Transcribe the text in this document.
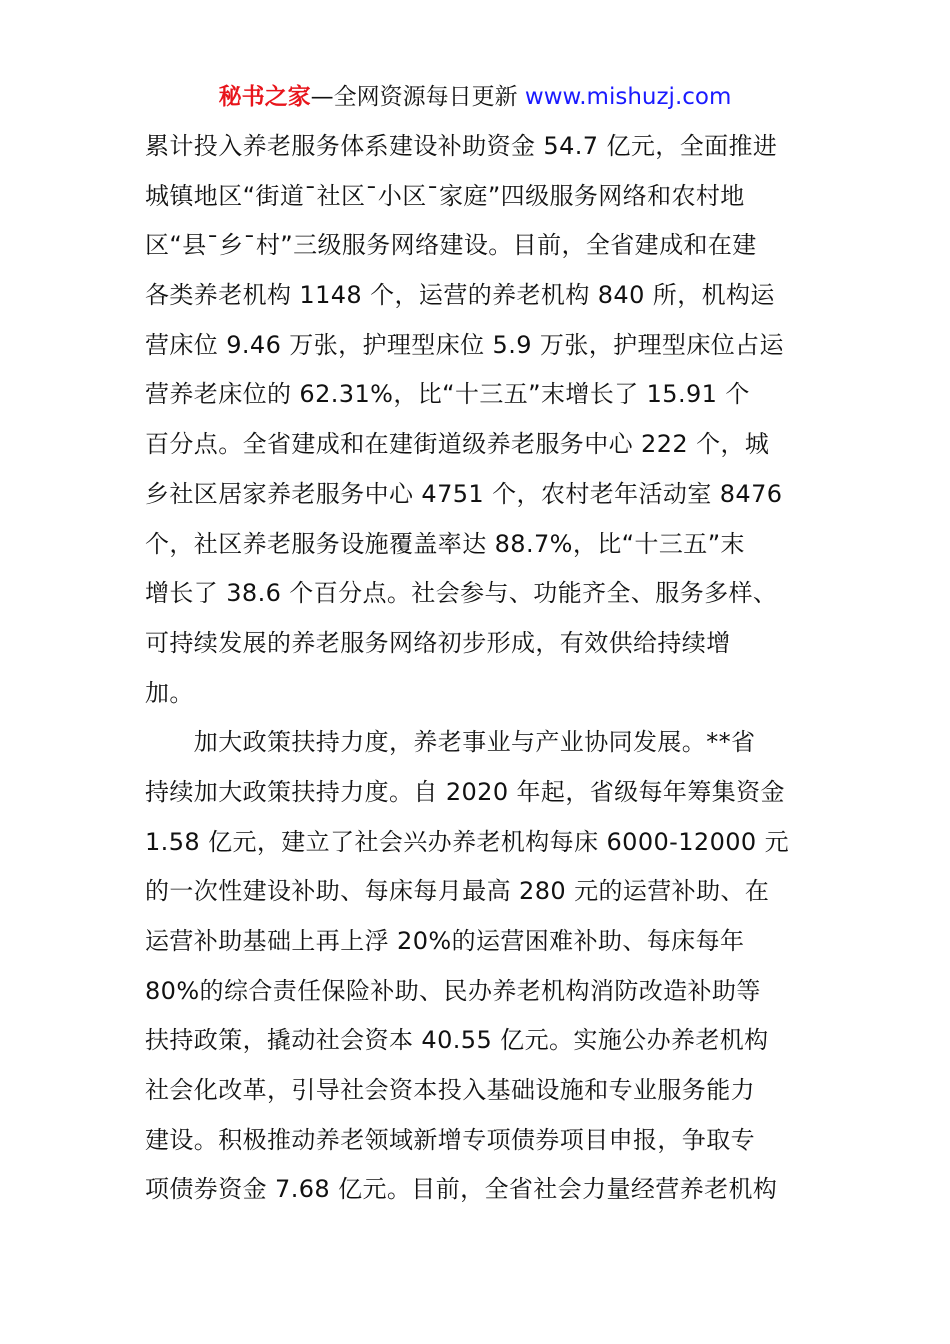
秘书之家—全网资源每日更新 www.mishuzj.com
累计投入养老服务体系建设补助资金 54.7 亿元，全面推进
城镇地区“街道¯社区¯小区¯家庭”四级服务网络和农村地
区“县¯乡¯村”三级服务网络建设。目前，全省建成和在建
各类养老机构 1148 个，运营的养老机构 840 所，机构运
营床位 9.46 万张，护理型床位 5.9 万张，护理型床位占运
营养老床位的 62.31%，比“十三五”末增长了 15.91 个
百分点。全省建成和在建街道级养老服务中心 222 个，城
乡社区居家养老服务中心 4751 个，农村老年活动室 8476
个，社区养老服务设施覆盖率达 88.7%，比“十三五”末
增长了 38.6 个百分点。社会参与、功能齐全、服务多样、
可持续发展的养老服务网络初步形成，有效供给持续增
加。
　　加大政策扶持力度，养老事业与产业协同发展。**省
持续加大政策扶持力度。自 2020 年起，省级每年筹集资金
1.58 亿元，建立了社会兴办养老机构每床 6000-12000 元
的一次性建设补助、每床每月最高 280 元的运营补助、在
运营补助基础上再上浮 20%的运营困难补助、每床每年
80%的综合责任保险补助、民办养老机构消防改造补助等
扶持政策，撬动社会资本 40.55 亿元。实施公办养老机构
社会化改革，引导社会资本投入基础设施和专业服务能力
建设。积极推动养老领域新增专项债券项目申报，争取专
项债券资金 7.68 亿元。目前，全省社会力量经营养老机构
